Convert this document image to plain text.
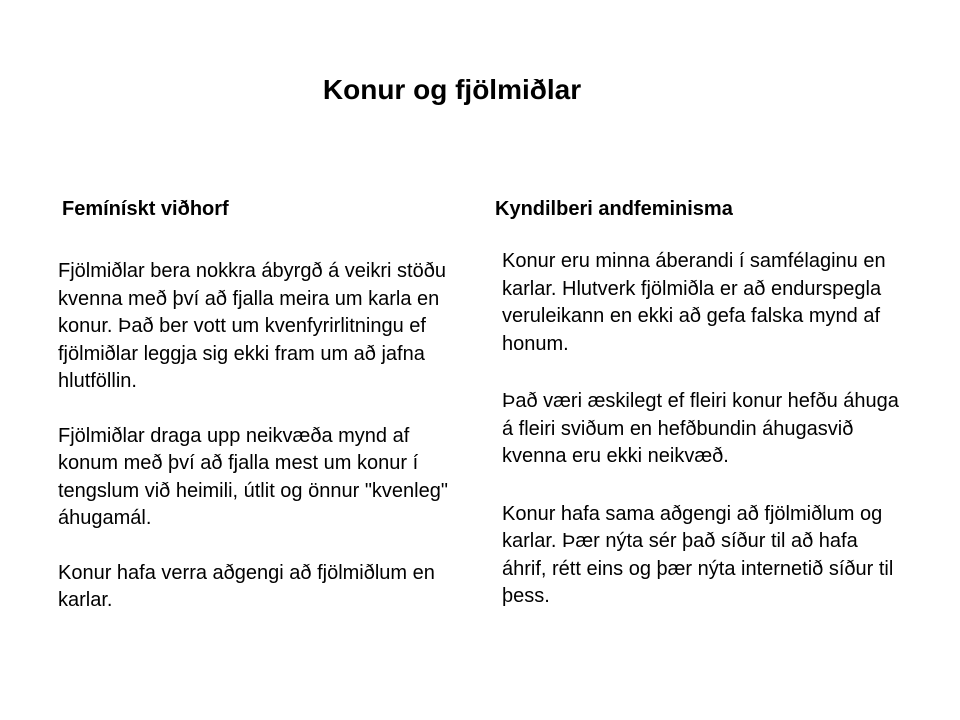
Konur og fjölmiðlar
Femínískt viðhorf	Kyndilberi andfeminisma

Fjölmiðlar bera nokkra ábyrgð á veikri stöðu kvenna með því að fjalla meira um karla en konur. Það ber vott um kvenfyrirlitningu ef fjölmiðlar leggja sig ekki fram um að jafna hlutföllin.

Fjölmiðlar draga upp neikvæða mynd af konum með því að fjalla mest um konur í tengslum við heimili, útlit og önnur "kvenleg" áhugamál.

Konur hafa verra aðgengi að fjölmiðlum en karlar.

Konur eru minna áberandi í samfélaginu en karlar. Hlutverk fjölmiðla er að endurspegla veruleikann en ekki að gefa falska mynd af honum.

Það væri æskilegt ef fleiri konur hefðu áhuga á fleiri sviðum en hefðbundin áhugasvið kvenna eru ekki neikvæð.

Konur hafa sama aðgengi að fjölmiðlum og karlar. Þær nýta sér það síður til að hafa áhrif, rétt eins og þær nýta internetið síður til þess.
